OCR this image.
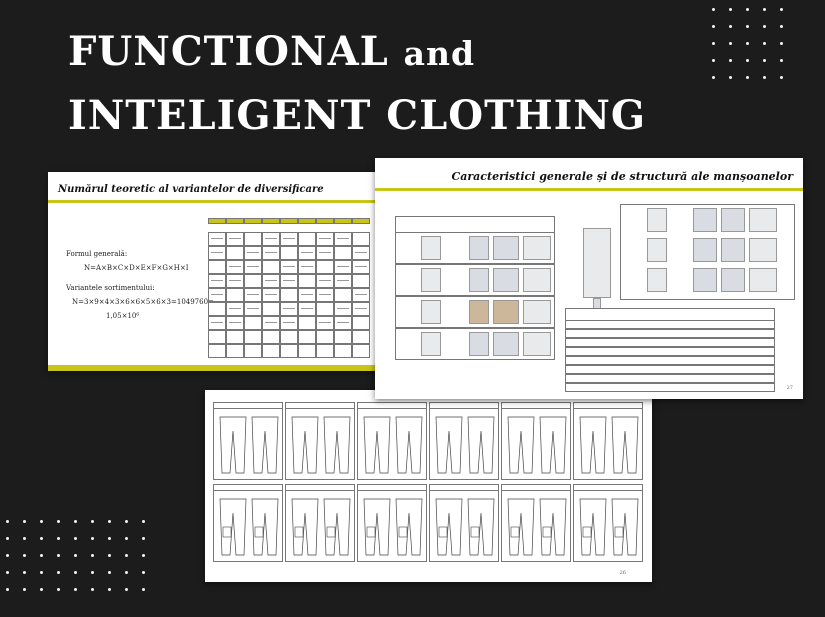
FUNCTIONAL and
INTELIGENT CLOTHING
26
Numărul teoretic al variantelor de diversificare
Formul generală:
N=A×B×C×D×E×F×G×H×I
Variantele sortimentului:
N=3×9×4×3×6×6×5×6×3=1049760=
1,05×10⁶
Caracteristici generale și de structură ale manșoanelor
27
